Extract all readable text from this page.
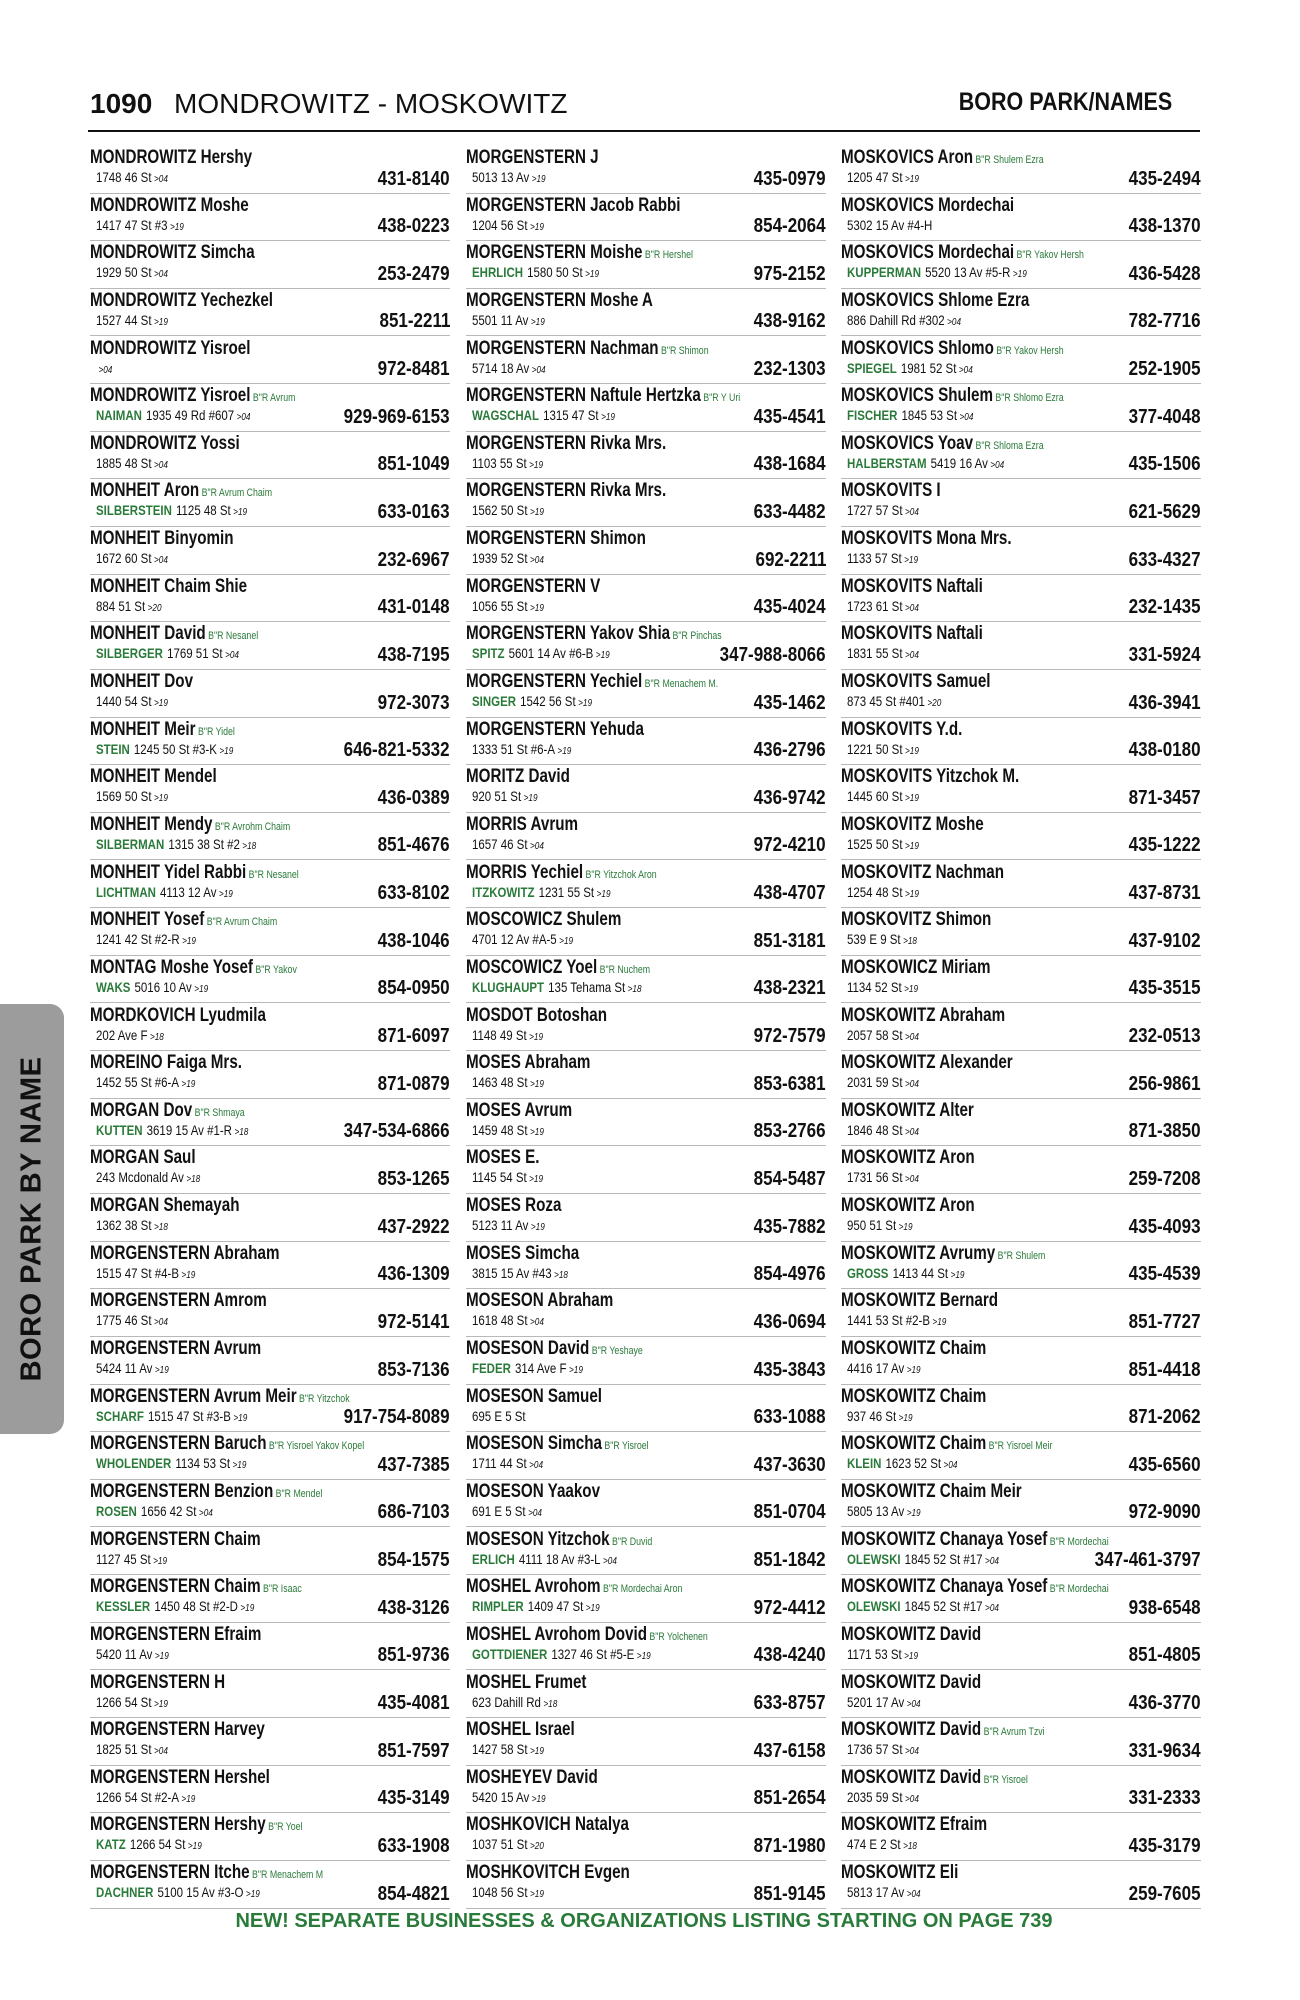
1090 MONDROWITZ - MOSKOWITZ	BORO PARK/NAMES
MONDROWITZ Hershy
1748 46 St >04	431-8140
MONDROWITZ Moshe
1417 47 St #3 >19	438-0223
MONDROWITZ Simcha
1929 50 St >04	253-2479
MONDROWITZ Yechezkel
1527 44 St >19	851-2211
MONDROWITZ Yisroel
>04	972-8481
MONDROWITZ Yisroel B"R Avrum
NAIMAN 1935 49 Rd #607 >04	929-969-6153
MONDROWITZ Yossi
1885 48 St >04	851-1049
MONHEIT Aron B"R Avrum Chaim
SILBERSTEIN 1125 48 St >19	633-0163
MONHEIT Binyomin
1672 60 St >04	232-6967
MONHEIT Chaim Shie
884 51 St >20	431-0148
MONHEIT David B"R Nesanel
SILBERGER 1769 51 St >04	438-7195
MONHEIT Dov
1440 54 St >19	972-3073
MONHEIT Meir B"R Yidel
STEIN 1245 50 St #3-K >19	646-821-5332
MONHEIT Mendel
1569 50 St >19	436-0389
MONHEIT Mendy B"R Avrohm Chaim
SILBERMAN 1315 38 St #2 >18	851-4676
MONHEIT Yidel Rabbi B"R Nesanel
LICHTMAN 4113 12 Av >19	633-8102
MONHEIT Yosef B"R Avrum Chaim
1241 42 St #2-R >19	438-1046
MONTAG Moshe Yosef B"R Yakov
WAKS 5016 10 Av >19	854-0950
MORDKOVICH Lyudmila
202 Ave F >18	871-6097
MOREINO Faiga Mrs.
1452 55 St #6-A >19	871-0879
MORGAN Dov B"R Shmaya
KUTTEN 3619 15 Av #1-R >18	347-534-6866
MORGAN Saul
243 Mcdonald Av >18	853-1265
MORGAN Shemayah
1362 38 St >18	437-2922
MORGENSTERN Abraham
1515 47 St #4-B >19	436-1309
MORGENSTERN Amrom
1775 46 St >04	972-5141
MORGENSTERN Avrum
5424 11 Av >19	853-7136
MORGENSTERN Avrum Meir B"R Yitzchok
SCHARF 1515 47 St #3-B >19	917-754-8089
MORGENSTERN Baruch B"R Yisroel Yakov Kopel
WHOLENDER 1134 53 St >19	437-7385
MORGENSTERN Benzion B"R Mendel
ROSEN 1656 42 St >04	686-7103
MORGENSTERN Chaim
1127 45 St >19	854-1575
MORGENSTERN Chaim B"R Isaac
KESSLER 1450 48 St #2-D >19	438-3126
MORGENSTERN Efraim
5420 11 Av >19	851-9736
MORGENSTERN H
1266 54 St >19	435-4081
MORGENSTERN Harvey
1825 51 St >04	851-7597
MORGENSTERN Hershel
1266 54 St #2-A >19	435-3149
MORGENSTERN Hershy B"R Yoel
KATZ 1266 54 St >19	633-1908
MORGENSTERN Itche B"R Menachem M
DACHNER 5100 15 Av #3-O >19	854-4821
MORGENSTERN J
5013 13 Av >19	435-0979
MORGENSTERN Jacob Rabbi
1204 56 St >19	854-2064
MORGENSTERN Moishe B"R Hershel
EHRLICH 1580 50 St >19	975-2152
MORGENSTERN Moshe A
5501 11 Av >19	438-9162
MORGENSTERN Nachman B"R Shimon
5714 18 Av >04	232-1303
MORGENSTERN Naftule Hertzka B"R Y Uri
WAGSCHAL 1315 47 St >19	435-4541
MORGENSTERN Rivka Mrs.
1103 55 St >19	438-1684
MORGENSTERN Rivka Mrs.
1562 50 St >19	633-4482
MORGENSTERN Shimon
1939 52 St >04	692-2211
MORGENSTERN V
1056 55 St >19	435-4024
MORGENSTERN Yakov Shia B"R Pinchas
SPITZ 5601 14 Av #6-B >19	347-988-8066
MORGENSTERN Yechiel B"R Menachem M.
SINGER 1542 56 St >19	435-1462
MORGENSTERN Yehuda
1333 51 St #6-A >19	436-2796
MORITZ David
920 51 St >19	436-9742
MORRIS Avrum
1657 46 St >04	972-4210
MORRIS Yechiel B"R Yitzchok Aron
ITZKOWITZ 1231 55 St >19	438-4707
MOSCOWICZ Shulem
4701 12 Av #A-5 >19	851-3181
MOSCOWICZ Yoel B"R Nuchem
KLUGHAUPT 135 Tehama St >18	438-2321
MOSDOT Botoshan
1148 49 St >19	972-7579
MOSES Abraham
1463 48 St >19	853-6381
MOSES Avrum
1459 48 St >19	853-2766
MOSES E.
1145 54 St >19	854-5487
MOSES Roza
5123 11 Av >19	435-7882
MOSES Simcha
3815 15 Av #43 >18	854-4976
MOSESON Abraham
1618 48 St >04	436-0694
MOSESON David B"R Yeshaye
FEDER 314 Ave F >19	435-3843
MOSESON Samuel
695 E 5 St	633-1088
MOSESON Simcha B"R Yisroel
1711 44 St >04	437-3630
MOSESON Yaakov
691 E 5 St >04	851-0704
MOSESON Yitzchok B"R Duvid
ERLICH 4111 18 Av #3-L >04	851-1842
MOSHEL Avrohom B"R Mordechai Aron
RIMPLER 1409 47 St >19	972-4412
MOSHEL Avrohom Dovid B"R Yolchenen
GOTTDIENER 1327 46 St #5-E >19	438-4240
MOSHEL Frumet
623 Dahill Rd >18	633-8757
MOSHEL Israel
1427 58 St >19	437-6158
MOSHEYEV David
5420 15 Av >19	851-2654
MOSHKOVICH Natalya
1037 51 St >20	871-1980
MOSHKOVITCH Evgen
1048 56 St >19	851-9145
MOSKOVICS Aron B"R Shulem Ezra
1205 47 St >19	435-2494
MOSKOVICS Mordechai
5302 15 Av #4-H	438-1370
MOSKOVICS Mordechai B"R Yakov Hersh
KUPPERMAN 5520 13 Av #5-R >19	436-5428
MOSKOVICS Shlome Ezra
886 Dahill Rd #302 >04	782-7716
MOSKOVICS Shlomo B"R Yakov Hersh
SPIEGEL 1981 52 St >04	252-1905
MOSKOVICS Shulem B"R Shlomo Ezra
FISCHER 1845 53 St >04	377-4048
MOSKOVICS Yoav B"R Shloma Ezra
HALBERSTAM 5419 16 Av >04	435-1506
MOSKOVITS I
1727 57 St >04	621-5629
MOSKOVITS Mona Mrs.
1133 57 St >19	633-4327
MOSKOVITS Naftali
1723 61 St >04	232-1435
MOSKOVITS Naftali
1831 55 St >04	331-5924
MOSKOVITS Samuel
873 45 St #401 >20	436-3941
MOSKOVITS Y.d.
1221 50 St >19	438-0180
MOSKOVITS Yitzchok M.
1445 60 St >19	871-3457
MOSKOVITZ Moshe
1525 50 St >19	435-1222
MOSKOVITZ Nachman
1254 48 St >19	437-8731
MOSKOVITZ Shimon
539 E 9 St >18	437-9102
MOSKOWICZ Miriam
1134 52 St >19	435-3515
MOSKOWITZ Abraham
2057 58 St >04	232-0513
MOSKOWITZ Alexander
2031 59 St >04	256-9861
MOSKOWITZ Alter
1846 48 St >04	871-3850
MOSKOWITZ Aron
1731 56 St >04	259-7208
MOSKOWITZ Aron
950 51 St >19	435-4093
MOSKOWITZ Avrumy B"R Shulem
GROSS 1413 44 St >19	435-4539
MOSKOWITZ Bernard
1441 53 St #2-B >19	851-7727
MOSKOWITZ Chaim
4416 17 Av >19	851-4418
MOSKOWITZ Chaim
937 46 St >19	871-2062
MOSKOWITZ Chaim B"R Yisroel Meir
KLEIN 1623 52 St >04	435-6560
MOSKOWITZ Chaim Meir
5805 13 Av >19	972-9090
MOSKOWITZ Chanaya Yosef B"R Mordechai
OLEWSKI 1845 52 St #17 >04	347-461-3797
MOSKOWITZ Chanaya Yosef B"R Mordechai
OLEWSKI 1845 52 St #17 >04	938-6548
MOSKOWITZ David
1171 53 St >19	851-4805
MOSKOWITZ David
5201 17 Av >04	436-3770
MOSKOWITZ David B"R Avrum Tzvi
1736 57 St >04	331-9634
MOSKOWITZ David B"R Yisroel
2035 59 St >04	331-2333
MOSKOWITZ Efraim
474 E 2 St >18	435-3179
MOSKOWITZ Eli
5813 17 Av >04	259-7605
BORO PARK BY NAME
NEW! SEPARATE BUSINESSES & ORGANIZATIONS LISTING STARTING ON PAGE 739
